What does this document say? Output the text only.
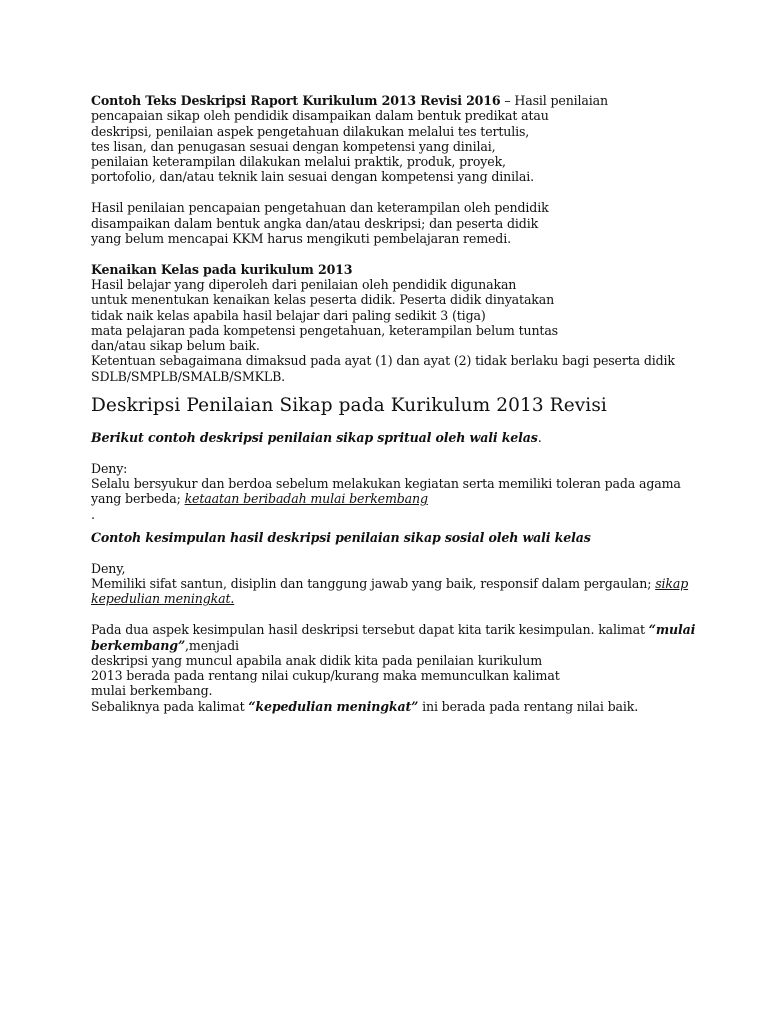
Contoh Teks Deskripsi Raport Kurikulum 2013 Revisi 2016 – Hasil penilaian
pencapaian sikap oleh pendidik disampaikan dalam bentuk predikat atau
deskripsi, penilaian aspek pengetahuan dilakukan melalui tes tertulis,
tes lisan, dan penugasan sesuai dengan kompetensi yang dinilai,
penilaian keterampilan dilakukan melalui praktik, produk, proyek,
portofolio, dan/atau teknik lain sesuai dengan kompetensi yang dinilai.
Hasil penilaian pencapaian pengetahuan dan keterampilan oleh pendidik
disampaikan dalam bentuk angka dan/atau deskripsi; dan peserta didik
yang belum mencapai KKM harus mengikuti pembelajaran remedi.
Kenaikan Kelas pada kurikulum 2013
Hasil belajar yang diperoleh dari penilaian oleh pendidik digunakan
untuk menentukan kenaikan kelas peserta didik. Peserta didik dinyatakan
tidak naik kelas apabila hasil belajar dari paling sedikit 3 (tiga)
mata pelajaran pada kompetensi pengetahuan, keterampilan belum tuntas
dan/atau sikap belum baik.
Ketentuan sebagaimana dimaksud pada ayat (1) dan ayat (2) tidak berlaku bagi peserta didik
SDLB/SMPLB/SMALB/SMKLB.
Deskripsi Penilaian Sikap pada Kurikulum 2013 Revisi
Berikut contoh deskripsi penilaian sikap spritual oleh wali kelas.
Deny:
Selalu bersyukur dan berdoa sebelum melakukan kegiatan serta memiliki toleran pada agama
yang berbeda; ketaatan beribadah mulai berkembang
.
Contoh kesimpulan hasil deskripsi penilaian sikap sosial oleh wali kelas
Deny,
Memiliki sifat santun, disiplin dan tanggung jawab yang baik, responsif dalam pergaulan; sikap
kepedulian meningkat.
Pada dua aspek kesimpulan hasil deskripsi tersebut dapat kita tarik kesimpulan. kalimat “mulai
berkembang”,menjadi
deskripsi yang muncul apabila anak didik kita pada penilaian kurikulum
2013 berada pada rentang nilai cukup/kurang maka memunculkan kalimat
mulai berkembang.
Sebaliknya pada kalimat “kepedulian meningkat” ini berada pada rentang nilai baik.
